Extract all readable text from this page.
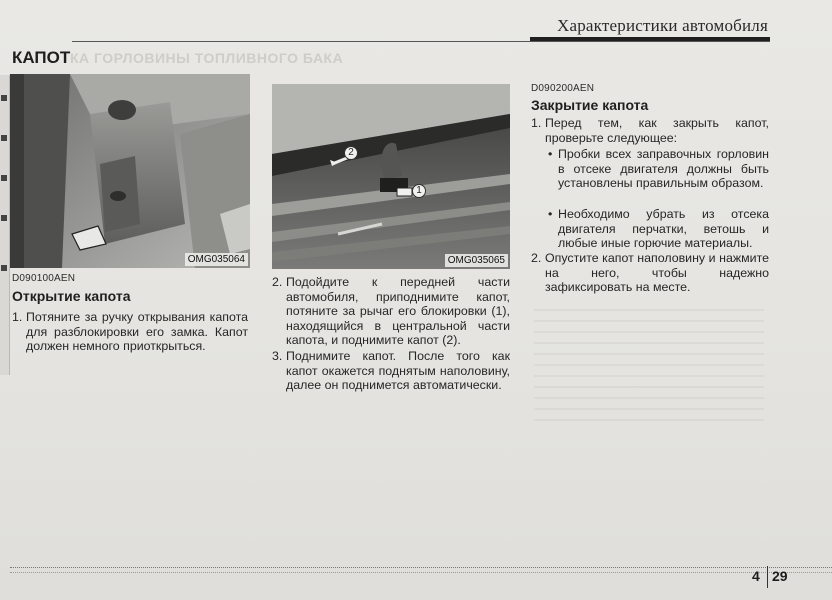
Характеристики автомобиля
КА ГОРЛОВИНЫ ТОПЛИВНОГО БАКА
КАПОТ
OMG035064
2
1
OMG035065
D090100AEN
Открытие капота
1. Потяните за ручку открывания капота для разблокировки его замка. Капот должен немного приоткрыться.
2. Подойдите к передней части автомобиля, приподнимите капот, потяните за рычаг его блокировки (1), находящийся в центральной части капота, и поднимите капот (2).
3. Поднимите капот. После того как капот окажется поднятым наполовину, далее он поднимется автоматически.
D090200AEN
Закрытие капота
1. Перед тем, как закрыть капот, проверьте следующее:
• Пробки всех заправочных горловин в отсеке двигателя должны быть установлены правильным образом.
• Необходимо убрать из отсека двигателя перчатки, ветошь и любые иные горючие материалы.
2. Опустите капот наполовину и нажмите на него, чтобы надежно зафиксировать на месте.
4 29
